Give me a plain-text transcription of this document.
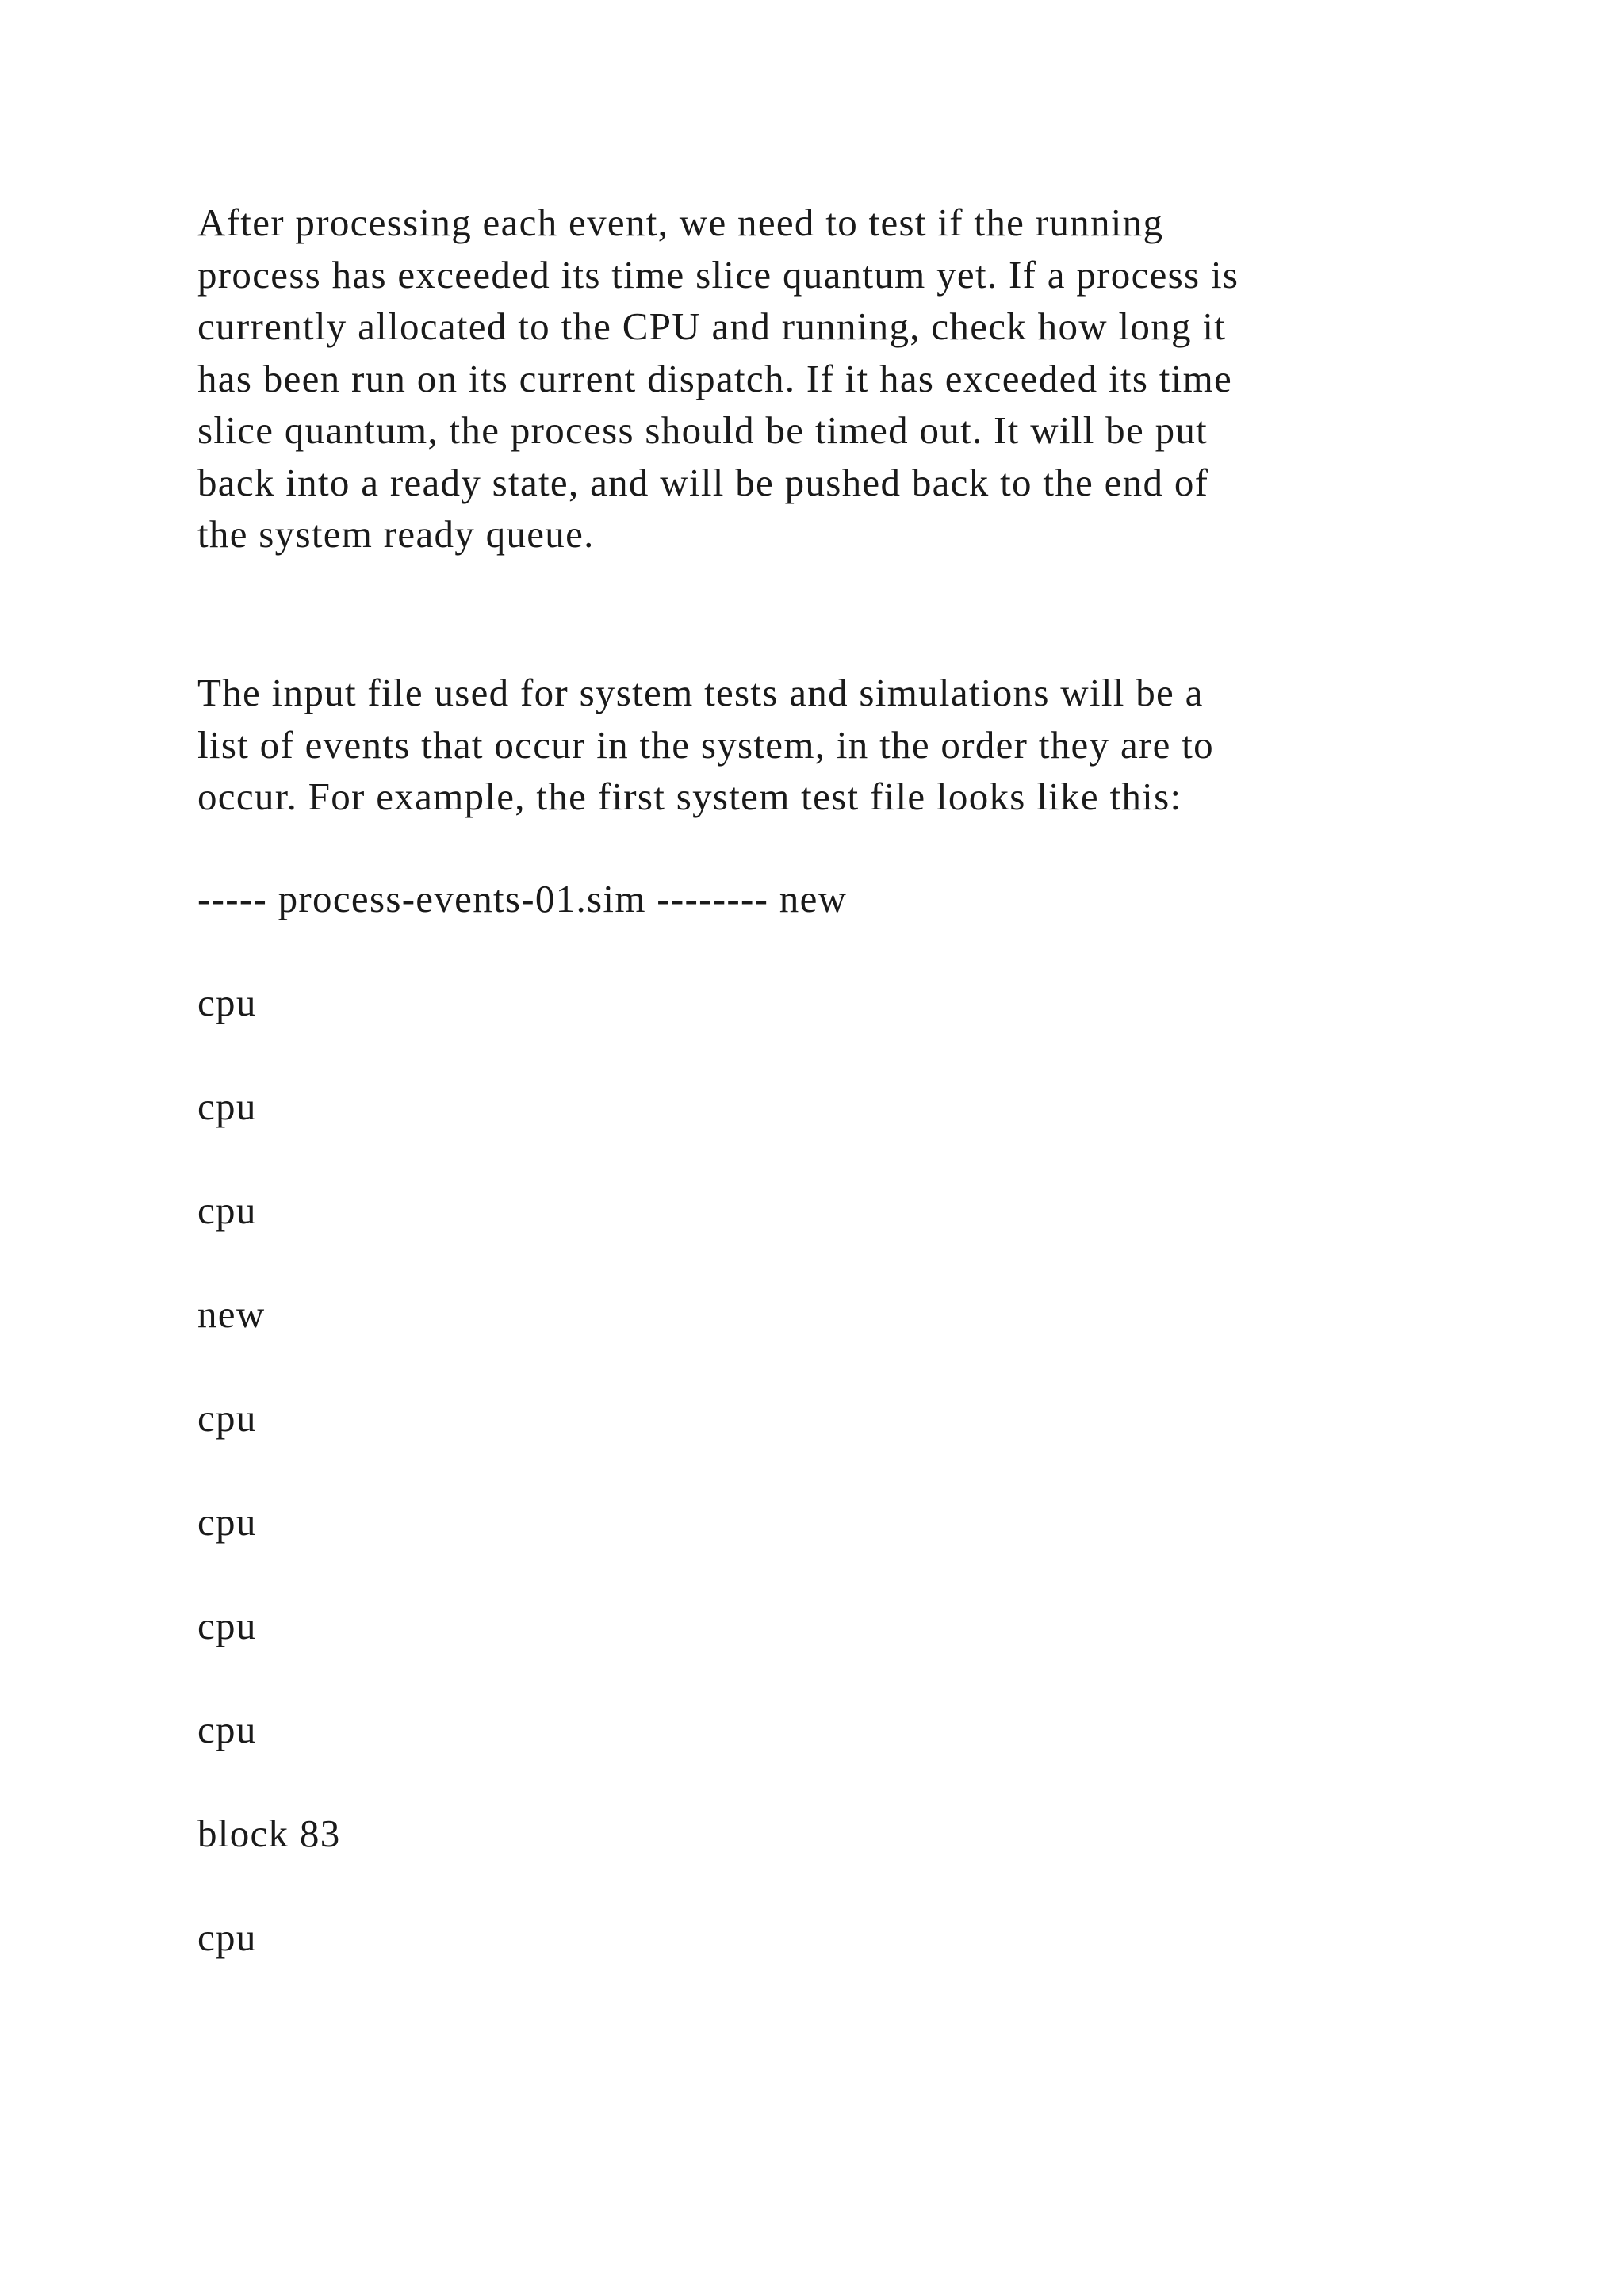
After processing each event, we need to test if the running
process has exceeded its time slice quantum yet. If a process is
currently allocated to the CPU and running, check how long it
has been run on its current dispatch. If it has exceeded its time
slice quantum, the process should be timed out. It will be put
back into a ready state, and will be pushed back to the end of
the system ready queue.

The input file used for system tests and simulations will be a
list of events that occur in the system, in the order they are to
occur. For example, the first system test file looks like this:

----- process-events-01.sim -------- new

cpu

cpu

cpu

new

cpu

cpu

cpu

cpu

block 83

cpu
